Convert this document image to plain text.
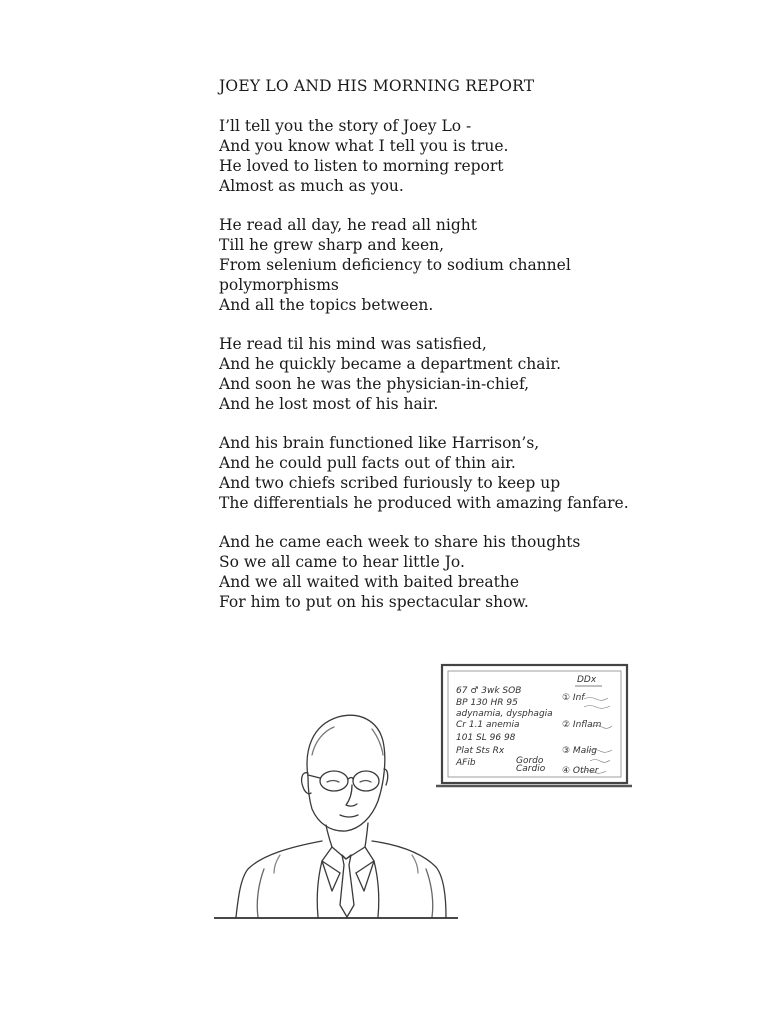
JOEY LO AND HIS MORNING REPORT
I’ll tell you the story of Joey Lo -
And you know what I tell you is true.
He loved to listen to morning report
Almost as much as you.
He read all day, he read all night
Till he grew sharp and keen,
From selenium deficiency to sodium channel
polymorphisms
And all the topics between.
He read til his mind was satisfied,
And he quickly became a department chair.
And soon he was the physician-in-chief,
And he lost most of his hair.
And his brain functioned like Harrison’s,
And he could pull facts out of thin air.
And two chiefs scribed furiously to keep up
The differentials he produced with amazing fanfare.
And he came each week to share his thoughts
So we all came to hear little Jo.
And we all waited with baited breathe
For him to put on his spectacular show.
DDx
67 ♂ 3wk SOB
BP 130 HR 95
adynamia, dysphagia
Cr 1.1 anemia
101 SL 96 98
Plat Sts Rx
AFib	Gordo
Cardio
① Inf
② Inflam
③ Malig
④ Other
